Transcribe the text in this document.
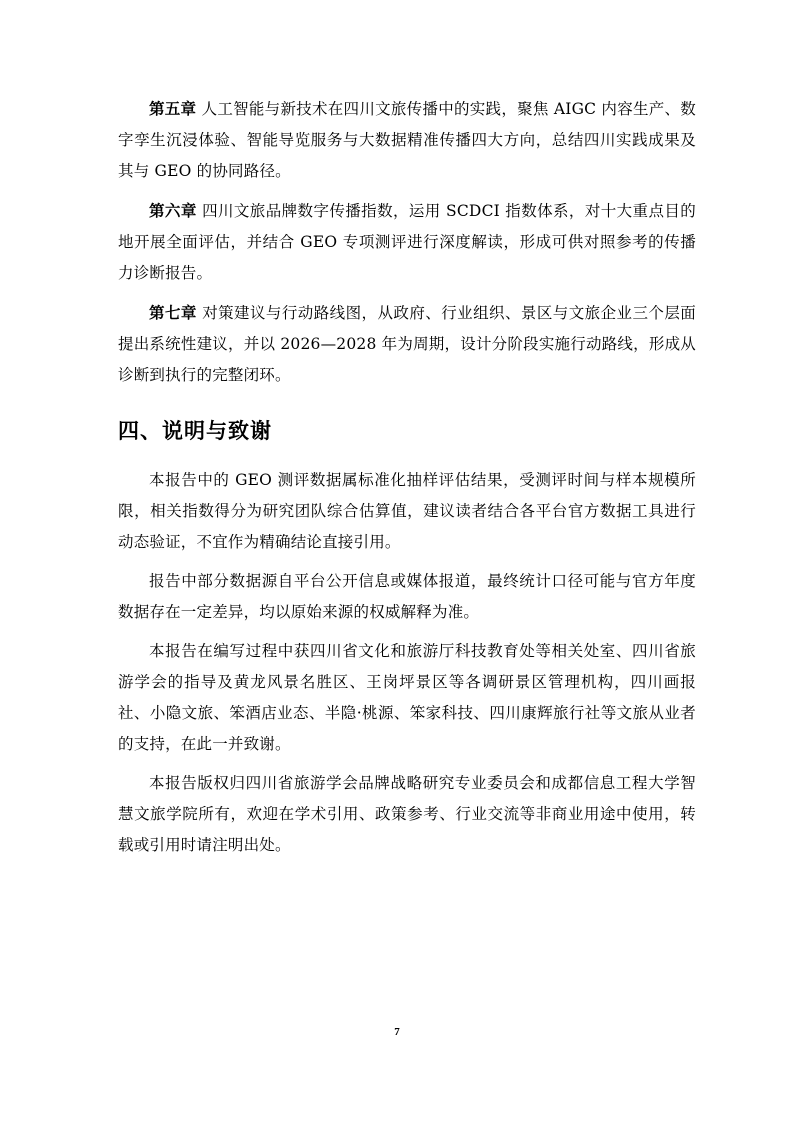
第五章 人工智能与新技术在四川文旅传播中的实践，聚焦 AIGC 内容生产、数字孪生沉浸体验、智能导览服务与大数据精准传播四大方向，总结四川实践成果及其与 GEO 的协同路径。

第六章 四川文旅品牌数字传播指数，运用 SCDCI 指数体系，对十大重点目的地开展全面评估，并结合 GEO 专项测评进行深度解读，形成可供对照参考的传播力诊断报告。

第七章 对策建议与行动路线图，从政府、行业组织、景区与文旅企业三个层面提出系统性建议，并以 2026—2028 年为周期，设计分阶段实施行动路线，形成从诊断到执行的完整闭环。

四、说明与致谢

本报告中的 GEO 测评数据属标准化抽样评估结果，受测评时间与样本规模所限，相关指数得分为研究团队综合估算值，建议读者结合各平台官方数据工具进行动态验证，不宜作为精确结论直接引用。

报告中部分数据源自平台公开信息或媒体报道，最终统计口径可能与官方年度数据存在一定差异，均以原始来源的权威解释为准。

本报告在编写过程中获四川省文化和旅游厅科技教育处等相关处室、四川省旅游学会的指导及黄龙风景名胜区、王岗坪景区等各调研景区管理机构，四川画报社、小隐文旅、笨酒店业态、半隐·桃源、笨家科技、四川康辉旅行社等文旅从业者的支持，在此一并致谢。

本报告版权归四川省旅游学会品牌战略研究专业委员会和成都信息工程大学智慧文旅学院所有，欢迎在学术引用、政策参考、行业交流等非商业用途中使用，转载或引用时请注明出处。

7
